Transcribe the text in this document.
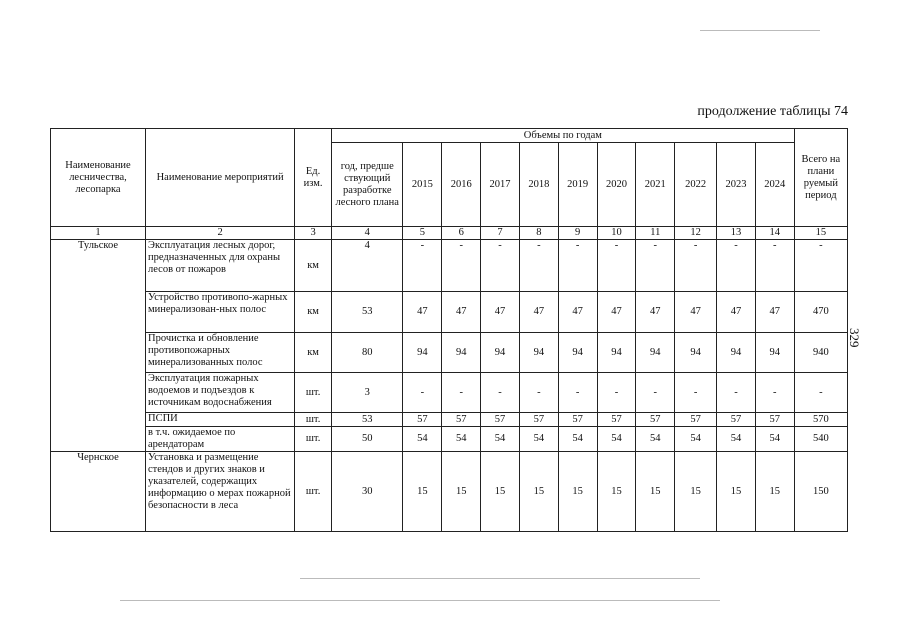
продолжение таблицы 74
329
Наименование лесничества, лесопарка	Наименование мероприятий	Ед. изм.	Объемы по годам											Всего на плани руемый период
			год, предше ствующий разработке лесного плана	2015	2016	2017	2018	2019	2020	2021	2022	2023	2024	
1	2	3	4	5	6	7	8	9	10	11	12	13	14	15
Тульское	Эксплуатация лесных дорог, предназначенных для охраны лесов от пожаров	км	4	-	-	-	-	-	-	-	-	-	-	-
	Устройство противопо-жарных минерализован-ных полос	км	53	47	47	47	47	47	47	47	47	47	47	470
	Прочистка и обновление противопожарных минерализованных полос	км	80	94	94	94	94	94	94	94	94	94	94	940
	Эксплуатация пожарных водоемов и подъездов к источникам водоснабжения	шт.	3	-	-	-	-	-	-	-	-	-	-	-
	ПСПИ	шт.	53	57	57	57	57	57	57	57	57	57	57	570
	в т.ч. ожидаемое по арендаторам	шт.	50	54	54	54	54	54	54	54	54	54	54	540
Чернское	Установка и размещение стендов и других знаков и указателей, содержащих информацию о мерах пожарной безопасности в леса	шт.	30	15	15	15	15	15	15	15	15	15	15	150
